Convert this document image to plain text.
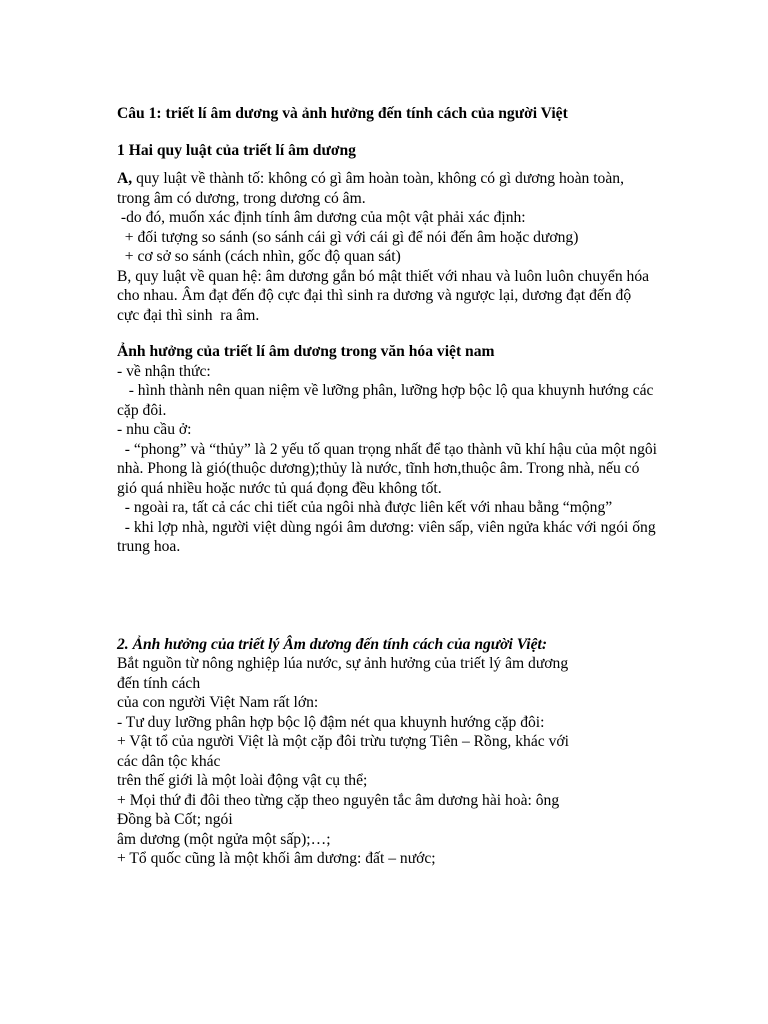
Câu 1: triết lí âm dương và ảnh hưởng đến tính cách của người Việt

1 Hai quy luật của triết lí âm dương

A, quy luật về thành tố: không có gì âm hoàn toàn, không có gì dương hoàn toàn, trong âm có dương, trong dương có âm.

-do đó, muốn xác định tính âm dương của một vật phải xác định:

+ đối tượng so sánh (so sánh cái gì với cái gì để nói đến âm hoặc dương)

+ cơ sở so sánh (cách nhìn, gốc độ quan sát)

B, quy luật về quan hệ: âm dương gắn bó mật thiết với nhau và luôn luôn chuyển hóa cho nhau. Âm đạt đến độ cực đại thì sinh ra dương và ngược lại, dương đạt đến độ cực đại thì sinh  ra âm.

Ảnh hưởng của triết lí âm dương trong văn hóa việt nam

- về nhận thức:

- hình thành nên quan niệm về lưỡng phân, lưỡng hợp bộc lộ qua khuynh hướng các cặp đôi.

- nhu cầu ở:

- “phong” và “thủy” là 2 yếu tố quan trọng nhất để tạo thành vũ khí hậu của một ngôi nhà. Phong là gió(thuộc dương);thủy là nước, tĩnh hơn,thuộc âm. Trong nhà, nếu có gió quá nhiều hoặc nước tủ quá đọng đều không tốt.

- ngoài ra, tất cả các chi tiết của ngôi nhà được liên kết với nhau bằng “mộng”

- khi lợp nhà, người việt dùng ngói âm dương: viên sấp, viên ngửa khác với ngói ống trung hoa.

2. Ảnh hưởng của triết lý Âm dương đến tính cách của người Việt:

Bắt nguồn từ nông nghiệp lúa nước, sự ảnh hưởng của triết lý âm dương
đến tính cách

của con người Việt Nam rất lớn:

- Tư duy lưỡng phân hợp bộc lộ đậm nét qua khuynh hướng cặp đôi:

+ Vật tổ của người Việt là một cặp đôi trừu tượng Tiên – Rồng, khác với
các dân tộc khác

trên thế giới là một loài động vật cụ thể;

+ Mọi thứ đi đôi theo từng cặp theo nguyên tắc âm dương hài hoà: ông
Đồng bà Cốt; ngói

âm dương (một ngửa một sấp);…;

+ Tổ quốc cũng là một khối âm dương: đất – nước;
